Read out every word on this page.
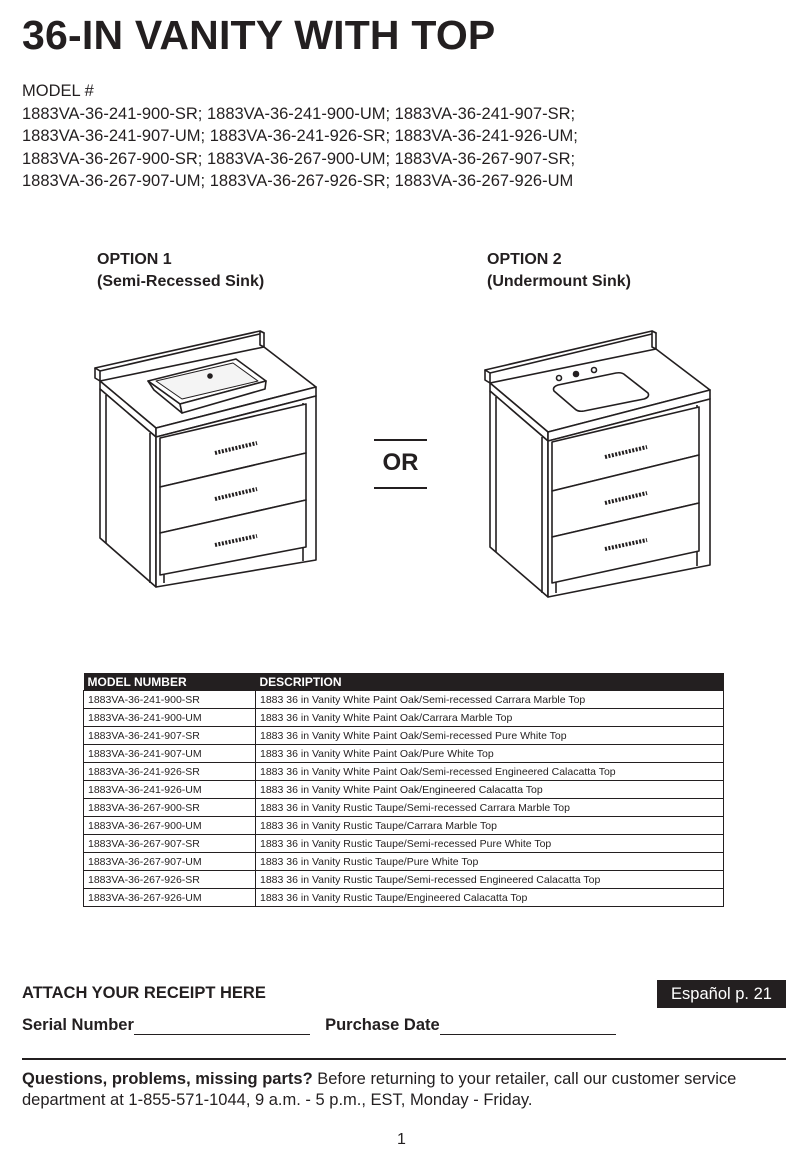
36-IN VANITY WITH TOP
MODEL #
1883VA-36-241-900-SR; 1883VA-36-241-900-UM; 1883VA-36-241-907-SR;
1883VA-36-241-907-UM; 1883VA-36-241-926-SR; 1883VA-36-241-926-UM;
1883VA-36-267-900-SR; 1883VA-36-267-900-UM; 1883VA-36-267-907-SR;
1883VA-36-267-907-UM; 1883VA-36-267-926-SR; 1883VA-36-267-926-UM
OPTION 1
(Semi-Recessed Sink)
OPTION 2
(Undermount Sink)
OR
MODEL NUMBER	DESCRIPTION
1883VA-36-241-900-SR	1883 36 in Vanity White Paint Oak/Semi-recessed Carrara Marble Top
1883VA-36-241-900-UM	1883 36 in Vanity White Paint Oak/Carrara Marble Top
1883VA-36-241-907-SR	1883 36 in Vanity White Paint Oak/Semi-recessed Pure White Top
1883VA-36-241-907-UM	1883 36 in Vanity White Paint Oak/Pure White Top
1883VA-36-241-926-SR	1883 36 in Vanity White Paint Oak/Semi-recessed Engineered Calacatta Top
1883VA-36-241-926-UM	1883 36 in Vanity White Paint Oak/Engineered Calacatta Top
1883VA-36-267-900-SR	1883 36 in Vanity Rustic Taupe/Semi-recessed Carrara Marble Top
1883VA-36-267-900-UM	1883 36 in Vanity Rustic Taupe/Carrara Marble Top
1883VA-36-267-907-SR	1883 36 in Vanity Rustic Taupe/Semi-recessed Pure White Top
1883VA-36-267-907-UM	1883 36 in Vanity Rustic Taupe/Pure White Top
1883VA-36-267-926-SR	1883 36 in Vanity Rustic Taupe/Semi-recessed Engineered Calacatta Top
1883VA-36-267-926-UM	1883 36 in Vanity Rustic Taupe/Engineered Calacatta Top
ATTACH YOUR RECEIPT HERE	Español p. 21
Serial Number	Purchase Date
Questions, problems, missing parts? Before returning to your retailer, call our customer service department at 1-855-571-1044, 9 a.m. - 5 p.m., EST, Monday - Friday.
1
